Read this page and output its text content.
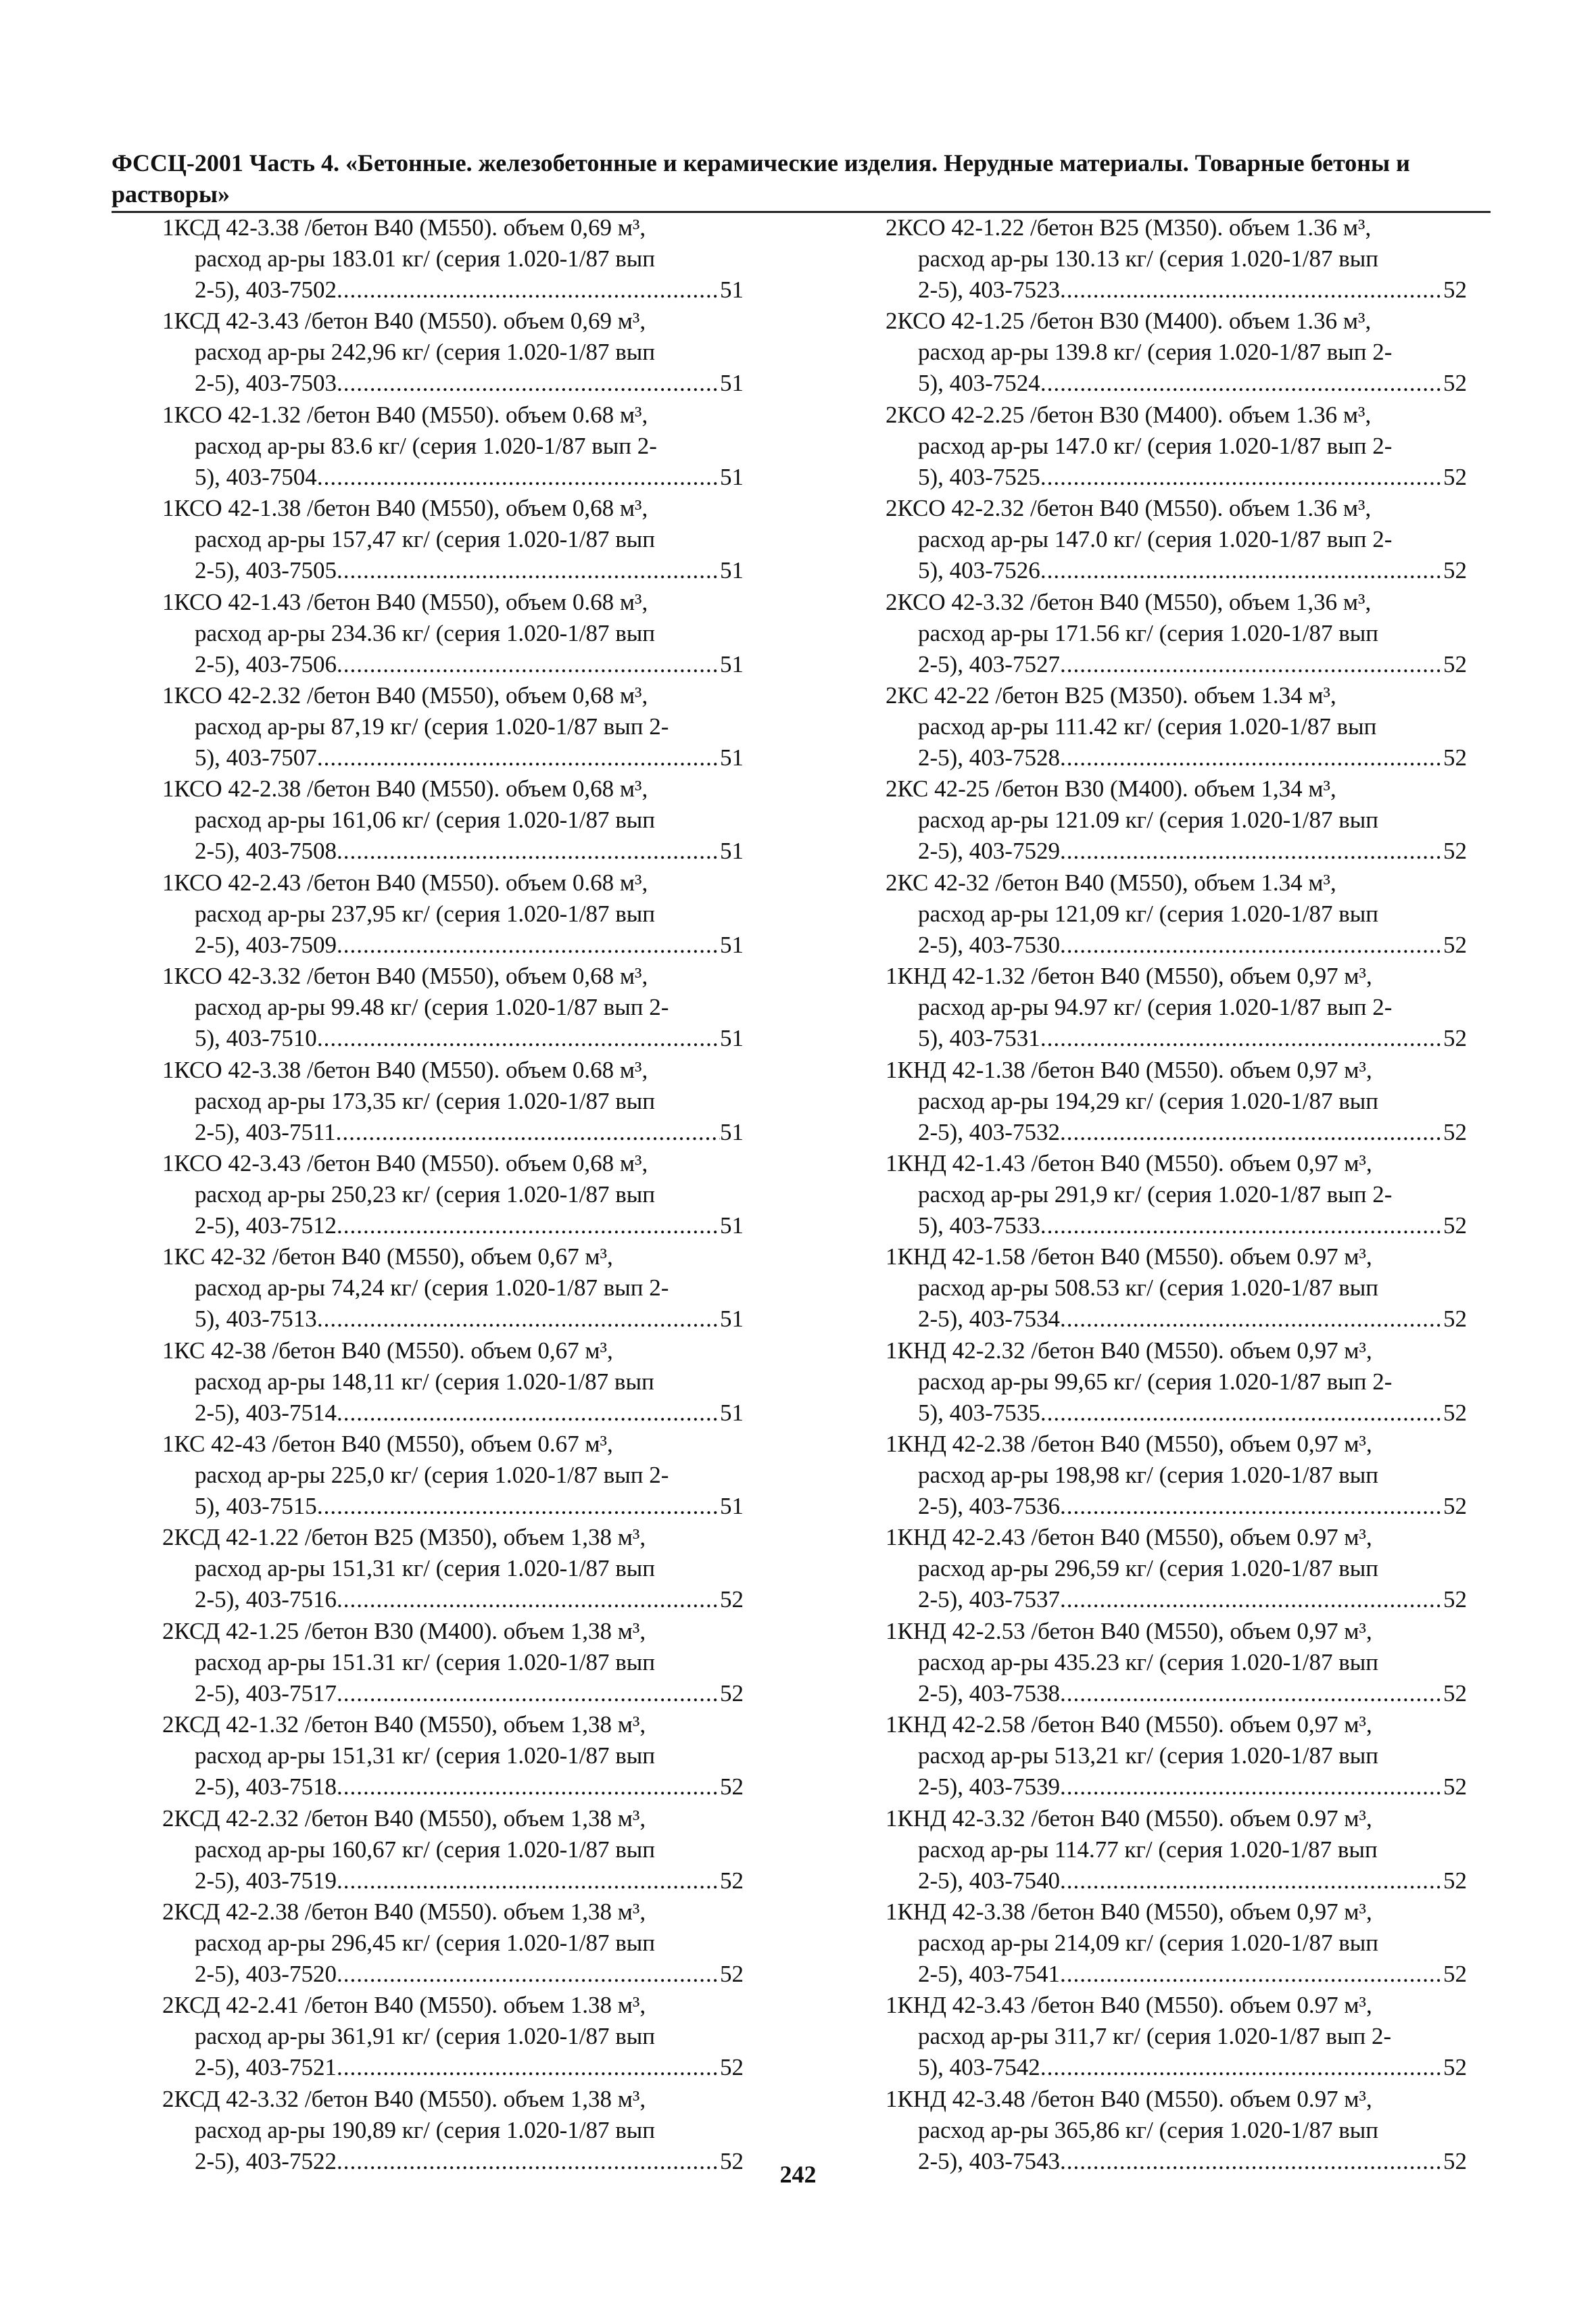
ФССЦ-2001 Часть 4. «Бетонные. железобетонные и керамические изделия. Нерудные материалы. Товарные бетоны и растворы»
1КСД 42-3.38 /бетон В40 (М550). объем 0,69 м³,
расход ар-ры 183.01 кг/ (серия 1.020-1/87 вып
2-5), 403-7502 .....	51
1КСД 42-3.43 /бетон В40 (М550). объем 0,69 м³,
расход ар-ры 242,96 кг/ (серия 1.020-1/87 вып
2-5), 403-7503 .....	51
1КСО 42-1.32 /бетон В40 (М550). объем 0.68 м³,
расход ар-ры 83.6 кг/ (серия 1.020-1/87 вып 2-
5), 403-7504 .....	51
1КСО 42-1.38 /бетон В40 (М550), объем 0,68 м³,
расход ар-ры 157,47 кг/ (серия 1.020-1/87 вып
2-5), 403-7505 .....	51
1КСО 42-1.43 /бетон В40 (М550), объем 0.68 м³,
расход ар-ры 234.36 кг/ (серия 1.020-1/87 вып
2-5), 403-7506 .....	51
1КСО 42-2.32 /бетон В40 (М550), объем 0,68 м³,
расход ар-ры 87,19 кг/ (серия 1.020-1/87 вып 2-
5), 403-7507 .....	51
1КСО 42-2.38 /бетон В40 (М550). объем 0,68 м³,
расход ар-ры 161,06 кг/ (серия 1.020-1/87 вып
2-5), 403-7508 .....	51
1КСО 42-2.43 /бетон В40 (М550). объем 0.68 м³,
расход ар-ры 237,95 кг/ (серия 1.020-1/87 вып
2-5), 403-7509 .....	51
1КСО 42-3.32 /бетон В40 (М550), объем 0,68 м³,
расход ар-ры 99.48 кг/ (серия 1.020-1/87 вып 2-
5), 403-7510 .....	51
1КСО 42-3.38 /бетон В40 (М550). объем 0.68 м³,
расход ар-ры 173,35 кг/ (серия 1.020-1/87 вып
2-5), 403-7511 .....	51
1КСО 42-3.43 /бетон В40 (М550). объем 0,68 м³,
расход ар-ры 250,23 кг/ (серия 1.020-1/87 вып
2-5), 403-7512 .....	51
1КС 42-32 /бетон В40 (М550), объем 0,67 м³,
расход ар-ры 74,24 кг/ (серия 1.020-1/87 вып 2-
5), 403-7513 .....	51
1КС 42-38 /бетон В40 (М550). объем 0,67 м³,
расход ар-ры 148,11 кг/ (серия 1.020-1/87 вып
2-5), 403-7514 .....	51
1КС 42-43 /бетон В40 (М550), объем 0.67 м³,
расход ар-ры 225,0 кг/ (серия 1.020-1/87 вып 2-
5), 403-7515 .....	51
2КСД 42-1.22 /бетон В25 (М350), объем 1,38 м³,
расход ар-ры 151,31 кг/ (серия 1.020-1/87 вып
2-5), 403-7516 .....	52
2КСД 42-1.25 /бетон В30 (М400). объем 1,38 м³,
расход ар-ры 151.31 кг/ (серия 1.020-1/87 вып
2-5), 403-7517 .....	52
2КСД 42-1.32 /бетон В40 (М550), объем 1,38 м³,
расход ар-ры 151,31 кг/ (серия 1.020-1/87 вып
2-5), 403-7518 .....	52
2КСД 42-2.32 /бетон В40 (М550), объем 1,38 м³,
расход ар-ры 160,67 кг/ (серия 1.020-1/87 вып
2-5), 403-7519 .....	52
2КСД 42-2.38 /бетон В40 (М550). объем 1,38 м³,
расход ар-ры 296,45 кг/ (серия 1.020-1/87 вып
2-5), 403-7520 .....	52
2КСД 42-2.41 /бетон В40 (М550). объем 1.38 м³,
расход ар-ры 361,91 кг/ (серия 1.020-1/87 вып
2-5), 403-7521 .....	52
2КСД 42-3.32 /бетон В40 (М550). объем 1,38 м³,
расход ар-ры 190,89 кг/ (серия 1.020-1/87 вып
2-5), 403-7522 .....	52
2КСО 42-1.22 /бетон В25 (М350). объем 1.36 м³,
расход ар-ры 130.13 кг/ (серия 1.020-1/87 вып
2-5), 403-7523 .....	52
2КСО 42-1.25 /бетон В30 (М400). объем 1.36 м³,
расход ар-ры 139.8 кг/ (серия 1.020-1/87 вып 2-
5), 403-7524 .....	52
2КСО 42-2.25 /бетон В30 (М400). объем 1.36 м³,
расход ар-ры 147.0 кг/ (серия 1.020-1/87 вып 2-
5), 403-7525 .....	52
2КСО 42-2.32 /бетон В40 (М550). объем 1.36 м³,
расход ар-ры 147.0 кг/ (серия 1.020-1/87 вып 2-
5), 403-7526 .....	52
2КСО 42-3.32 /бетон В40 (М550), объем 1,36 м³,
расход ар-ры 171.56 кг/ (серия 1.020-1/87 вып
2-5), 403-7527 .....	52
2КС 42-22 /бетон В25 (М350). объем 1.34 м³,
расход ар-ры 111.42 кг/ (серия 1.020-1/87 вып
2-5), 403-7528 .....	52
2КС 42-25 /бетон В30 (М400). объем 1,34 м³,
расход ар-ры 121.09 кг/ (серия 1.020-1/87 вып
2-5), 403-7529 .....	52
2КС 42-32 /бетон В40 (М550), объем 1.34 м³,
расход ар-ры 121,09 кг/ (серия 1.020-1/87 вып
2-5), 403-7530 .....	52
1КНД 42-1.32 /бетон В40 (М550), объем 0,97 м³,
расход ар-ры 94.97 кг/ (серия 1.020-1/87 вып 2-
5), 403-7531 .....	52
1КНД 42-1.38 /бетон В40 (М550). объем 0,97 м³,
расход ар-ры 194,29 кг/ (серия 1.020-1/87 вып
2-5), 403-7532 .....	52
1КНД 42-1.43 /бетон В40 (М550). объем 0,97 м³,
расход ар-ры 291,9 кг/ (серия 1.020-1/87 вып 2-
5), 403-7533 .....	52
1КНД 42-1.58 /бетон В40 (М550). объем 0.97 м³,
расход ар-ры 508.53 кг/ (серия 1.020-1/87 вып
2-5), 403-7534 .....	52
1КНД 42-2.32 /бетон В40 (М550). объем 0,97 м³,
расход ар-ры 99,65 кг/ (серия 1.020-1/87 вып 2-
5), 403-7535 .....	52
1КНД 42-2.38 /бетон В40 (М550), объем 0,97 м³,
расход ар-ры 198,98 кг/ (серия 1.020-1/87 вып
2-5), 403-7536 .....	52
1КНД 42-2.43 /бетон В40 (М550), объем 0.97 м³,
расход ар-ры 296,59 кг/ (серия 1.020-1/87 вып
2-5), 403-7537 .....	52
1КНД 42-2.53 /бетон В40 (М550), объем 0,97 м³,
расход ар-ры 435.23 кг/ (серия 1.020-1/87 вып
2-5), 403-7538 .....	52
1КНД 42-2.58 /бетон В40 (М550). объем 0,97 м³,
расход ар-ры 513,21 кг/ (серия 1.020-1/87 вып
2-5), 403-7539 .....	52
1КНД 42-3.32 /бетон В40 (М550). объем 0.97 м³,
расход ар-ры 114.77 кг/ (серия 1.020-1/87 вып
2-5), 403-7540 .....	52
1КНД 42-3.38 /бетон В40 (М550), объем 0,97 м³,
расход ар-ры 214,09 кг/ (серия 1.020-1/87 вып
2-5), 403-7541 .....	52
1КНД 42-3.43 /бетон В40 (М550). объем 0.97 м³,
расход ар-ры 311,7 кг/ (серия 1.020-1/87 вып 2-
5), 403-7542 .....	52
1КНД 42-3.48 /бетон В40 (М550). объем 0.97 м³,
расход ар-ры 365,86 кг/ (серия 1.020-1/87 вып
2-5), 403-7543 .....	52
242
